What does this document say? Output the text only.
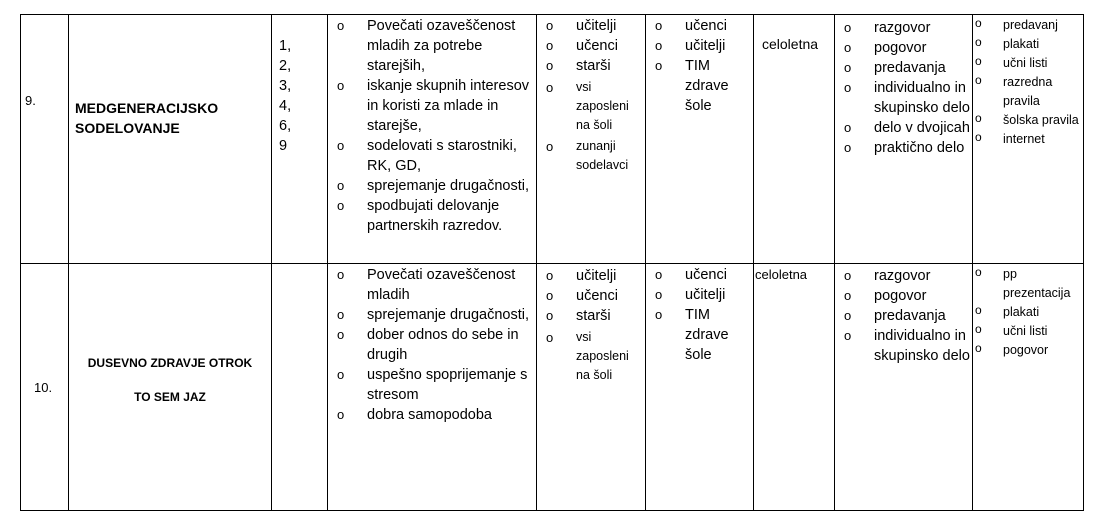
9.	MEDGENERACIJSKO SODELOVANJE
1,
2,
3,
4,
6,
9
o Povečati ozaveščenost mladih za potrebe starejših,
o iskanje skupnih interesov in koristi za mlade in starejše,
o sodelovati s starostniki, RK, GD,
o sprejemanje drugačnosti,
o spodbujati delovanje partnerskih razredov.
o učitelji
o učenci
o starši
o vsi zaposleni na šoli
o zunanji sodelavci
o učenci
o učitelji
o TIM zdrave šole
celoletna
o razgovor
o pogovor
o predavanja
o individualno in skupinsko delo
o delo v dvojicah
o praktično delo
o predavanj
o plakati
o učni listi
o razredna pravila
o šolska pravila
o internet
10.
DUSEVNO ZDRAVJE OTROK
TO SEM JAZ
o Povečati ozaveščenost mladih
o sprejemanje drugačnosti,
o dober odnos do sebe in drugih
o uspešno spoprijemanje s stresom
o dobra samopodoba
o učitelji
o učenci
o starši
o vsi zaposleni na šoli
o učenci
o učitelji
o TIM zdrave šole
celoletna
o	razgovor
o pogovor
o predavanja
o individualno in skupinsko delo
o pp prezentacija
o plakati
o učni listi
o pogovor
